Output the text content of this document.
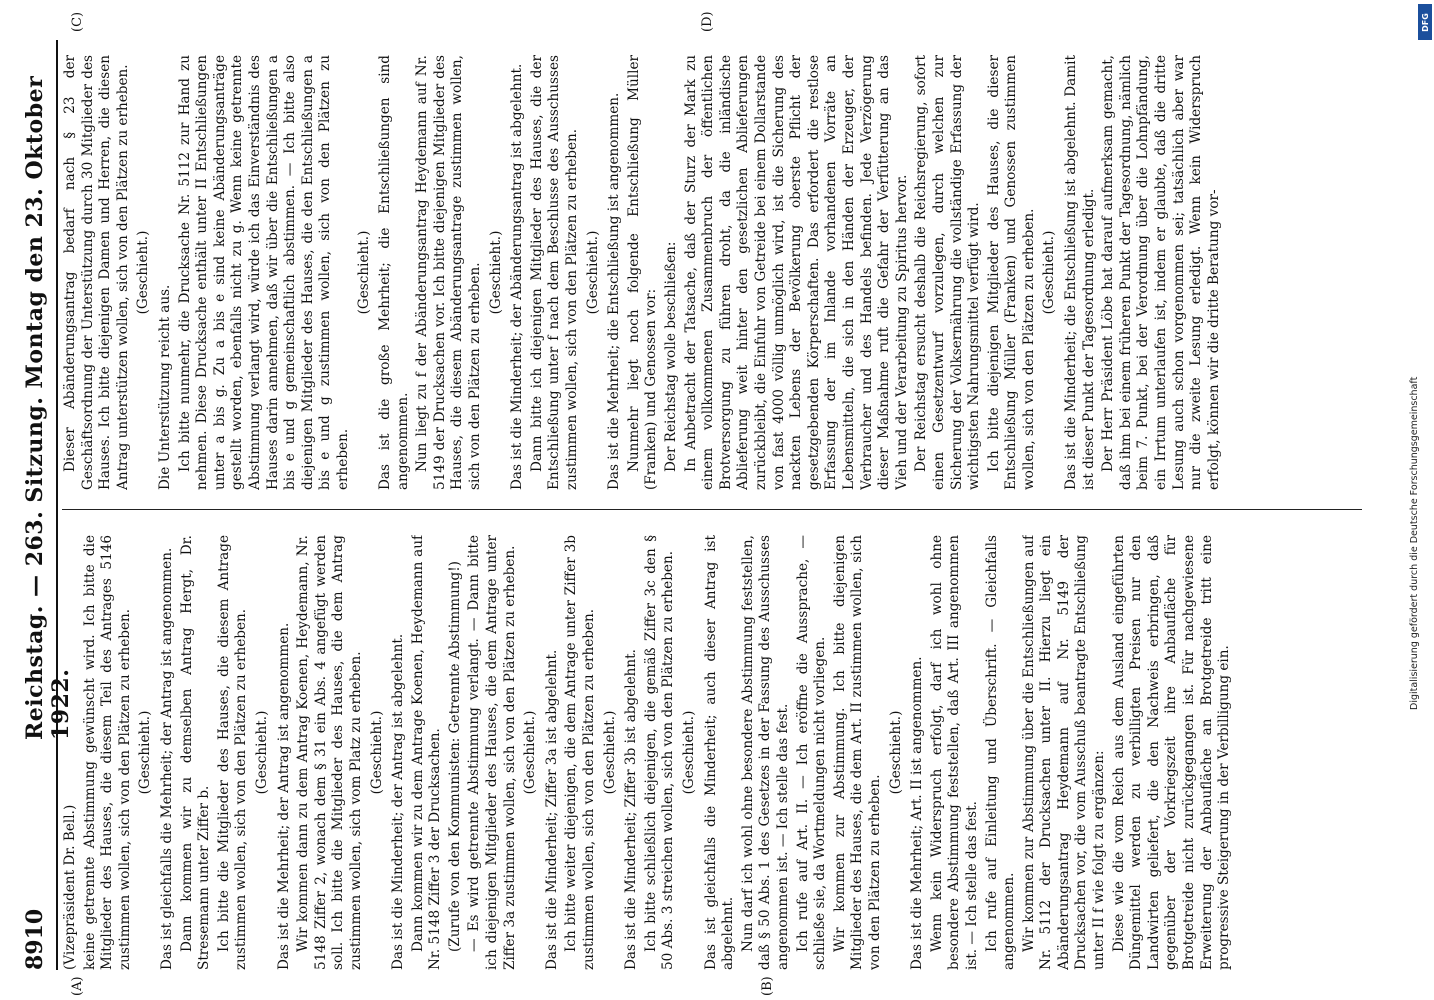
8910
Reichstag. — 263. Sitzung. Montag den 23. Oktober 1922.
(A)	(B)
(C)	(D)

(Vizepräsident Dr. Bell.) keine getrennte Abstimmung gewünscht wird. Ich bitte die Mitglieder des Hauses, die diesem Teil des Antrages 5146 zustimmen wollen, sich von den Plätzen zu erheben. (Geschieht.) Das ist gleichfalls die Mehrheit; der Antrag ist angenommen. Dann kommen wir zu demselben Antrag Hergt, Dr. Stresemann unter Ziffer b. Ich bitte die Mitglieder des Hauses, die diesem Antrage zustimmen wollen, sich von den Plätzen zu erheben. (Geschieht.) Das ist die Mehrheit; der Antrag ist angenommen. Wir kommen dann zu dem Antrag Koenen, Heydemann, Nr. 5148 Ziffer 2, wonach dem § 31 ein Abs. 4 angefügt werden soll. Ich bitte die Mitglieder des Hauses, die dem Antrag zustimmen wollen, sich vom Platz zu erheben. (Geschieht.) Das ist die Minderheit; der Antrag ist abgelehnt. Dann kommen wir zu dem Antrage Koenen, Heydemann auf Nr. 5148 Ziffer 3 der Drucksachen. (Zurufe von den Kommunisten: Getrennte Abstimmung!) — Es wird getrennte Abstimmung verlangt. — Dann bitte ich diejenigen Mitglieder des Hauses, die dem Antrage unter Ziffer 3a zustimmen wollen, sich von den Plätzen zu erheben. (Geschieht.) Das ist die Minderheit; Ziffer 3a ist abgelehnt. Ich bitte weiter diejenigen, die dem Antrage unter Ziffer 3b zustimmen wollen, sich von den Plätzen zu erheben. (Geschieht.) Das ist die Minderheit; Ziffer 3b ist abgelehnt. Ich bitte schließlich diejenigen, die gemäß Ziffer 3c den § 50 Abs. 3 streichen wollen, sich von den Plätzen zu erheben. (Geschieht.) Das ist gleichfalls die Minderheit; auch dieser Antrag ist abgelehnt. Nun darf ich wohl ohne besondere Abstimmung feststellen, daß § 50 Abs. 1 des Gesetzes in der Fassung des Ausschusses angenommen ist. — Ich stelle das fest. Ich rufe auf Art. II. — Ich eröffne die Aussprache, — schließe sie, da Wortmeldungen nicht vorliegen. Wir kommen zur Abstimmung. Ich bitte diejenigen Mitglieder des Hauses, die dem Art. II zustimmen wollen, sich von den Plätzen zu erheben.

(Geschieht.) Das ist die Mehrheit; Art. II ist angenommen. Wenn kein Widerspruch erfolgt, darf ich wohl ohne besondere Abstimmung feststellen, daß Art. III angenommen ist. — Ich stelle das fest. Ich rufe auf Einleitung und Überschrift. — Gleichfalls angenommen. Wir kommen zur Abstimmung über die Entschließungen auf Nr. 5112 der Drucksachen unter II. Hierzu liegt ein Abänderungsantrag Heydemann auf Nr. 5149 der Drucksachen vor, die vom Ausschuß beantragte Entschließung unter II f wie folgt zu ergänzen: Diese wie die vom Reich aus dem Ausland eingeführten Düngemittel werden zu verbilligten Preisen nur den Landwirten geliefert, die den Nachweis erbringen, daß gegenüber der Vorkriegszeit ihre Anbaufläche für Brotgetreide nicht zurückgegangen ist. Für nachgewiesene Erweiterung der Anbaufläche an Brotgetreide tritt eine progressive Steigerung in der Verbilligung ein.

Dieser Abänderungsantrag bedarf nach § 23 der Geschäftsordnung der Unterstützung durch 30 Mitglieder des Hauses. Ich bitte diejenigen Damen und Herren, die diesen Antrag unterstützen wollen, sich von den Plätzen zu erheben. (Geschieht.)

Die Unterstützung reicht aus. Ich bitte nunmehr, die Drucksache Nr. 5112 zur Hand zu nehmen. Diese Drucksache enthält unter II Entschließungen unter a bis g. Zu a bis e sind keine Abänderungsanträge gestellt worden, ebenfalls nicht zu g. Wenn keine getrennte Abstimmung verlangt wird, würde ich das Einverständnis des Hauses darin annehmen, daß wir über die Entschließungen a bis e und g gemeinschaftlich abstimmen. — Ich bitte also diejenigen Mitglieder des Hauses, die den Entschließungen a bis e und g zustimmen wollen, sich von den Plätzen zu erheben.

(Geschieht.) Das ist die große Mehrheit; die Entschließungen sind angenommen. Nun liegt zu f der Abänderungsantrag Heydemann auf Nr. 5149 der Drucksachen vor. Ich bitte diejenigen Mitglieder des Hauses, die diesem Abänderungsantrage zustimmen wollen, sich von den Plätzen zu erheben. (Geschieht.) Das ist die Minderheit; der Abänderungsantrag ist abgelehnt. Dann bitte ich diejenigen Mitglieder des Hauses, die der Entschließung unter f nach dem Beschlusse des Ausschusses zustimmen wollen, sich von den Plätzen zu erheben. (Geschieht.) Das ist die Mehrheit; die Entschließung ist angenommen. Nunmehr liegt noch folgende Entschließung Müller (Franken) und Genossen vor: Der Reichstag wolle beschließen: In Anbetracht der Tatsache, daß der Sturz der Mark zu einem vollkommenen Zusammenbruch der öffentlichen Brotversorgung zu führen droht, da die inländische Ablieferung weit hinter den gesetzlichen Ablieferungen zurückbleibt, die Einfuhr von Getreide bei einem Dollarstande von fast 4000 völlig unmöglich wird, ist die Sicherung des nackten Lebens der Bevölkerung oberste Pflicht der gesetzgebenden Körperschaften. Das erfordert die restlose Erfassung der im Inlande vorhandenen Vorräte an Lebensmitteln, die sich in den Händen der Erzeuger, der Verbraucher und des Handels befinden. Jede Verzögerung dieser Maßnahme ruft die Gefahr der Verfütterung an das Vieh und der Verarbeitung zu Spiritus hervor. Der Reichstag ersucht deshalb die Reichsregierung, sofort einen Gesetzentwurf vorzulegen, durch welchen zur Sicherung der Volksernährung die vollständige Erfassung der wichtigsten Nahrungsmittel verfügt wird. Ich bitte diejenigen Mitglieder des Hauses, die dieser Entschließung Müller (Franken) und Genossen zustimmen wollen, sich von den Plätzen zu erheben. (Geschieht.) Das ist die Minderheit; die Entschließung ist abgelehnt. Damit ist dieser Punkt der Tagesordnung erledigt. Der Herr Präsident Löbe hat darauf aufmerksam gemacht, daß ihm bei einem früheren Punkt der Tagesordnung, nämlich beim 7. Punkt, bei der Verordnung über die Lohnpfändung, ein Irrtum unterlaufen ist, indem er glaubte, daß die dritte Lesung auch schon vorgenommen sei; tatsächlich aber war nur die zweite Lesung erledigt. Wenn kein Widerspruch erfolgt, können wir die dritte Beratung vor-

Digitalisierung gefördert durch die Deutsche Forschungsgemeinschaft
DFG
